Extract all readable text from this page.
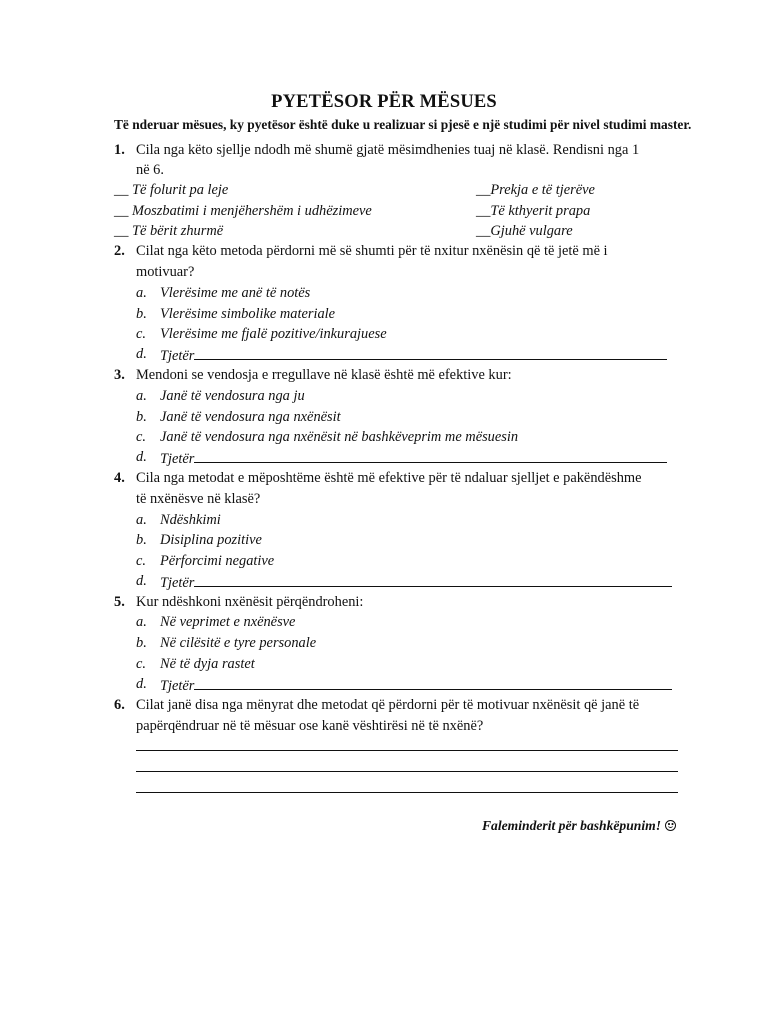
PYETËSOR PËR MËSUES
Të nderuar mësues, ky pyetësor është duke u realizuar si pjesë e një studimi për nivel studimi master.
1. Cila nga këto sjellje ndodh më shumë gjatë mësimdhenies tuaj në klasë. Rendisni nga 1
në 6.
__ Të folurit pa leje
__ Moszbatimi i menjëhershëm i udhëzimeve
__ Të bërit zhurmë
__Prekja e të tjerëve
__Të kthyerit prapa
__Gjuhë vulgare
2. Cilat nga këto metoda përdorni më së shumti për të nxitur nxënësin që të jetë më i
motivuar?
a. Vlerësime me anë të notës
b. Vlerësime simbolike materiale
c. Vlerësime me fjalë pozitive/inkurajuese
d. Tjetër
3. Mendoni se vendosja e rregullave në klasë është më efektive kur:
a. Janë të vendosura nga ju
b. Janë të vendosura nga nxënësit
c. Janë të vendosura nga nxënësit në bashkëveprim me mësuesin
d. Tjetër
4. Cila nga metodat e mëposhtëme është më efektive për të ndaluar sjelljet e pakëndëshme
të nxënësve në klasë?
a. Ndëshkimi
b. Disiplina pozitive
c. Përforcimi negative
d. Tjetër
5. Kur ndëshkoni nxënësit përqëndroheni:
a. Në veprimet e nxënësve
b. Në cilësitë e tyre personale
c. Në të dyja rastet
d. Tjetër
6. Cilat janë disa nga mënyrat dhe metodat që përdorni për të motivuar nxënësit që janë të
papërqëndruar në të mësuar ose kanë vështirësi në të nxënë?
Faleminderit për bashkëpunim!
